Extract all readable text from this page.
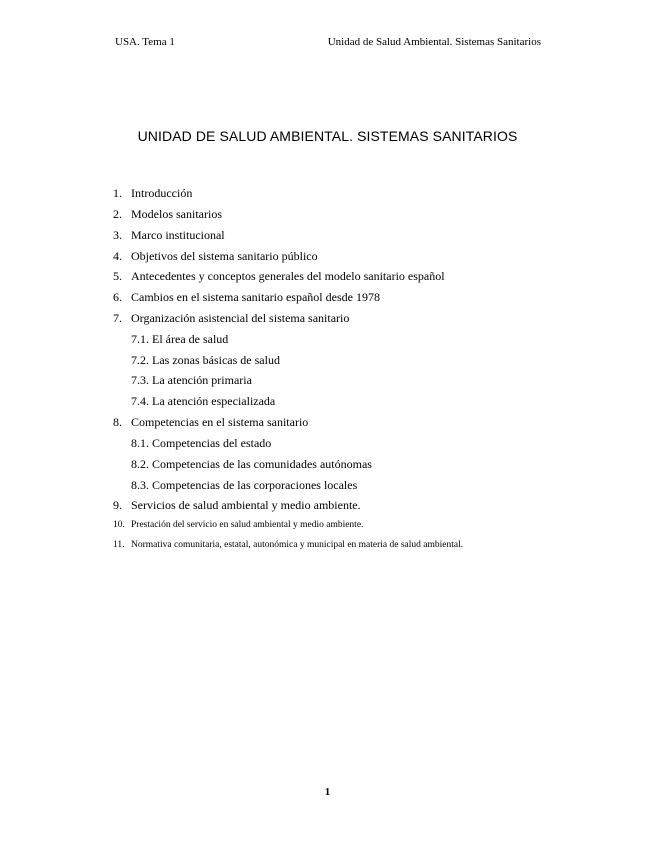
USA. Tema 1	Unidad de Salud Ambiental. Sistemas Sanitarios
UNIDAD DE SALUD AMBIENTAL. SISTEMAS SANITARIOS
1. Introducción
2. Modelos sanitarios
3. Marco institucional
4. Objetivos del sistema sanitario público
5. Antecedentes y conceptos generales del modelo sanitario español
6. Cambios en el sistema sanitario español desde 1978
7. Organización asistencial del sistema sanitario
7.1. El área de salud
7.2. Las zonas básicas de salud
7.3. La atención primaria
7.4. La atención especializada
8. Competencias en el sistema sanitario
8.1. Competencias del estado
8.2. Competencias de las comunidades autónomas
8.3. Competencias de las corporaciones locales
9. Servicios de salud ambiental y medio ambiente.
10. Prestación del servicio en salud ambiental y medio ambiente.
11. Normativa comunitaria, estatal, autonómica y municipal en materia de salud ambiental.
1
